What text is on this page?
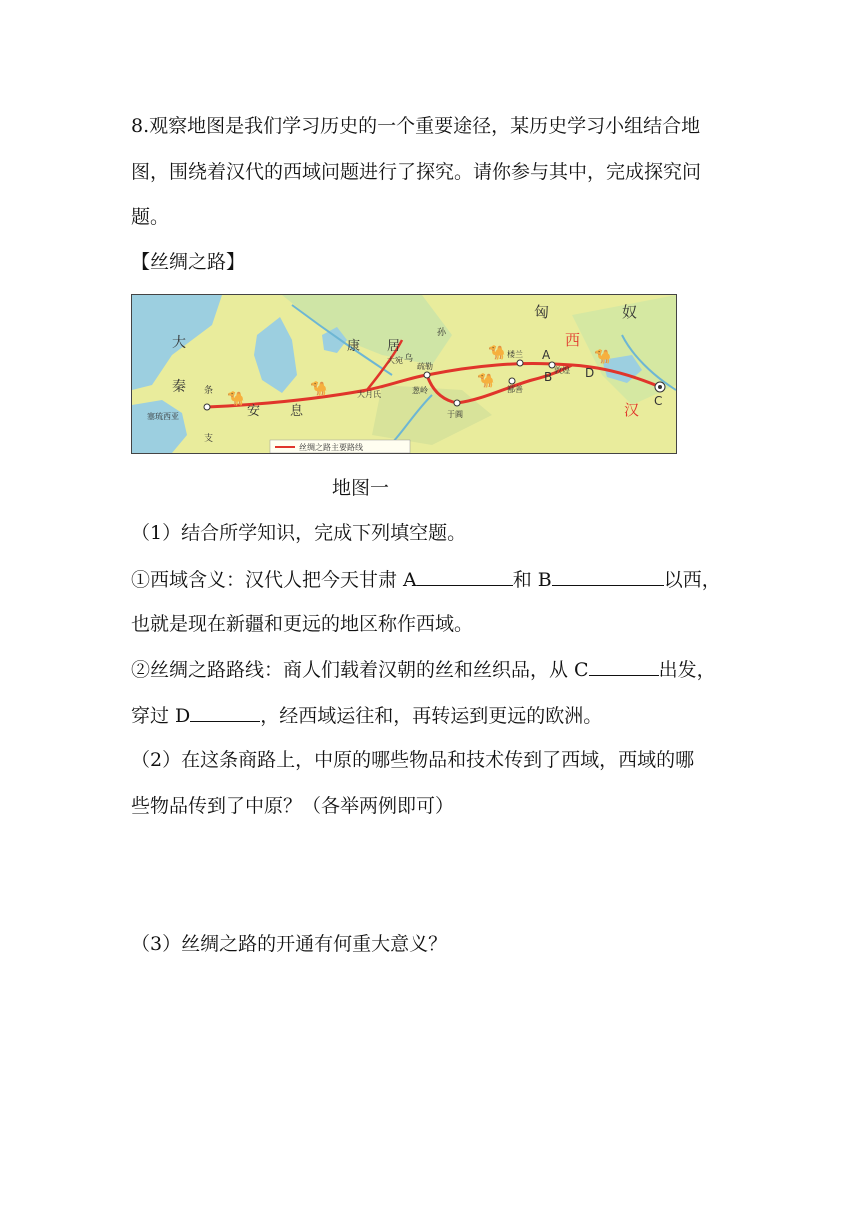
8.观察地图是我们学习历史的一个重要途径，某历史学习小组结合地
图，围绕着汉代的西域问题进行了探究。请你参与其中，完成探究问
题。
【丝绸之路】
🐪
🐪	🐪
🐪	🐪
匈	奴
西
汉
大
秦
康 居
安 息
条
支
乌
孙
大宛
疏勒
大月氏	葱岭
于阗
楼兰
鄯善
敦煌
塞琉西亚
A
B
C
D
丝绸之路主要路线
地图一
（1）结合所学知识，完成下列填空题。
①西域含义：汉代人把今天甘肃 A	和 B	以西，
也就是现在新疆和更远的地区称作西域。
②丝绸之路路线：商人们载着汉朝的丝和丝织品，从 C	出发，
穿过 D	，经西域运往和，再转运到更远的欧洲。
（2）在这条商路上，中原的哪些物品和技术传到了西域，西域的哪
些物品传到了中原？（各举两例即可）
（3）丝绸之路的开通有何重大意义？
